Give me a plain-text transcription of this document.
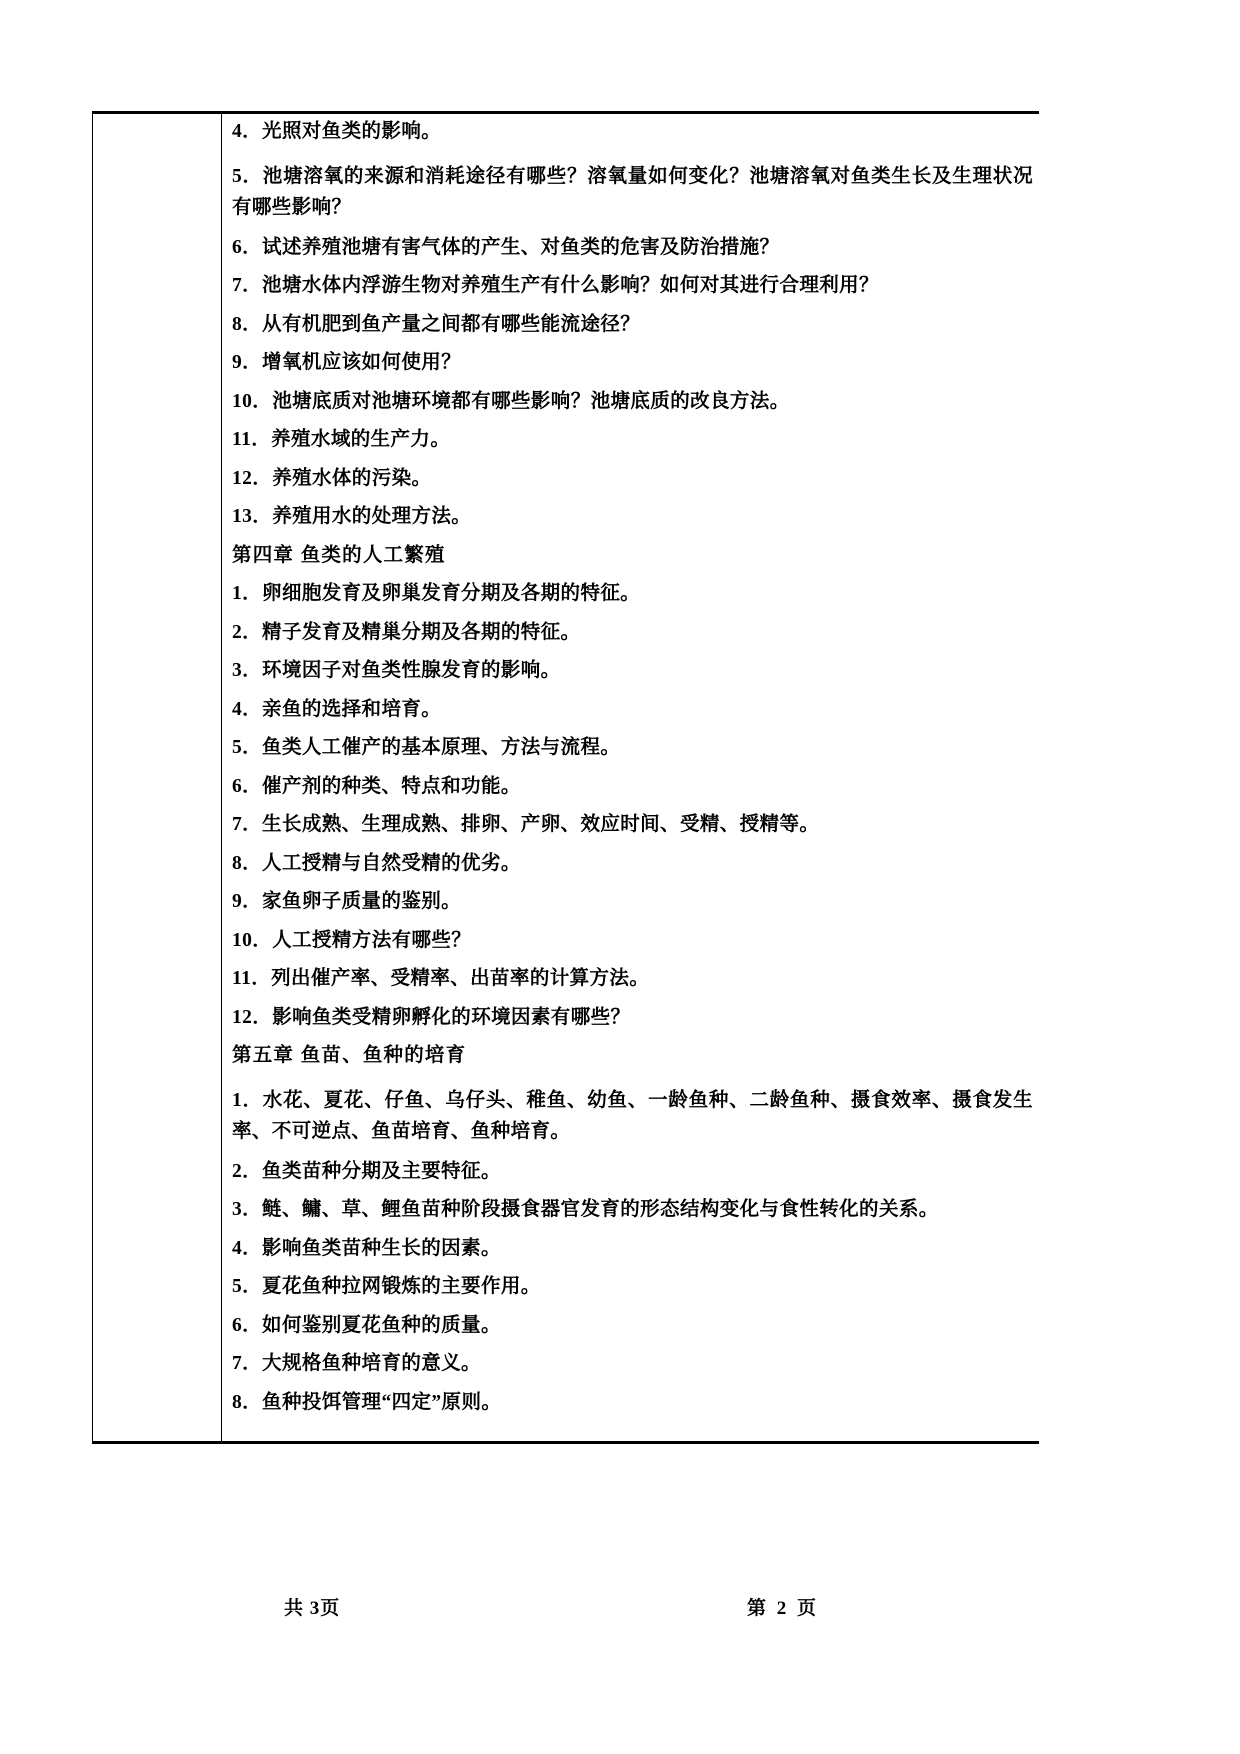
4．光照对鱼类的影响。
5．池塘溶氧的来源和消耗途径有哪些？溶氧量如何变化？池塘溶氧对鱼类生长及生理状况有哪些影响？
6．试述养殖池塘有害气体的产生、对鱼类的危害及防治措施？
7．池塘水体内浮游生物对养殖生产有什么影响？如何对其进行合理利用？
8．从有机肥到鱼产量之间都有哪些能流途径？
9．增氧机应该如何使用？
10．池塘底质对池塘环境都有哪些影响？池塘底质的改良方法。
11．养殖水域的生产力。
12．养殖水体的污染。
13．养殖用水的处理方法。
第四章 鱼类的人工繁殖
1．卵细胞发育及卵巢发育分期及各期的特征。
2．精子发育及精巢分期及各期的特征。
3．环境因子对鱼类性腺发育的影响。
4．亲鱼的选择和培育。
5．鱼类人工催产的基本原理、方法与流程。
6．催产剂的种类、特点和功能。
7．生长成熟、生理成熟、排卵、产卵、效应时间、受精、授精等。
8．人工授精与自然受精的优劣。
9．家鱼卵子质量的鉴别。
10．人工授精方法有哪些？
11．列出催产率、受精率、出苗率的计算方法。
12．影响鱼类受精卵孵化的环境因素有哪些？
第五章 鱼苗、鱼种的培育
1．水花、夏花、仔鱼、乌仔头、稚鱼、幼鱼、一龄鱼种、二龄鱼种、摄食效率、摄食发生率、不可逆点、鱼苗培育、鱼种培育。
2．鱼类苗种分期及主要特征。
3．鲢、鳙、草、鲤鱼苗种阶段摄食器官发育的形态结构变化与食性转化的关系。
4．影响鱼类苗种生长的因素。
5．夏花鱼种拉网锻炼的主要作用。
6．如何鉴别夏花鱼种的质量。
7．大规格鱼种培育的意义。
8．鱼种投饵管理“四定”原则。
共 3页	第 2 页
